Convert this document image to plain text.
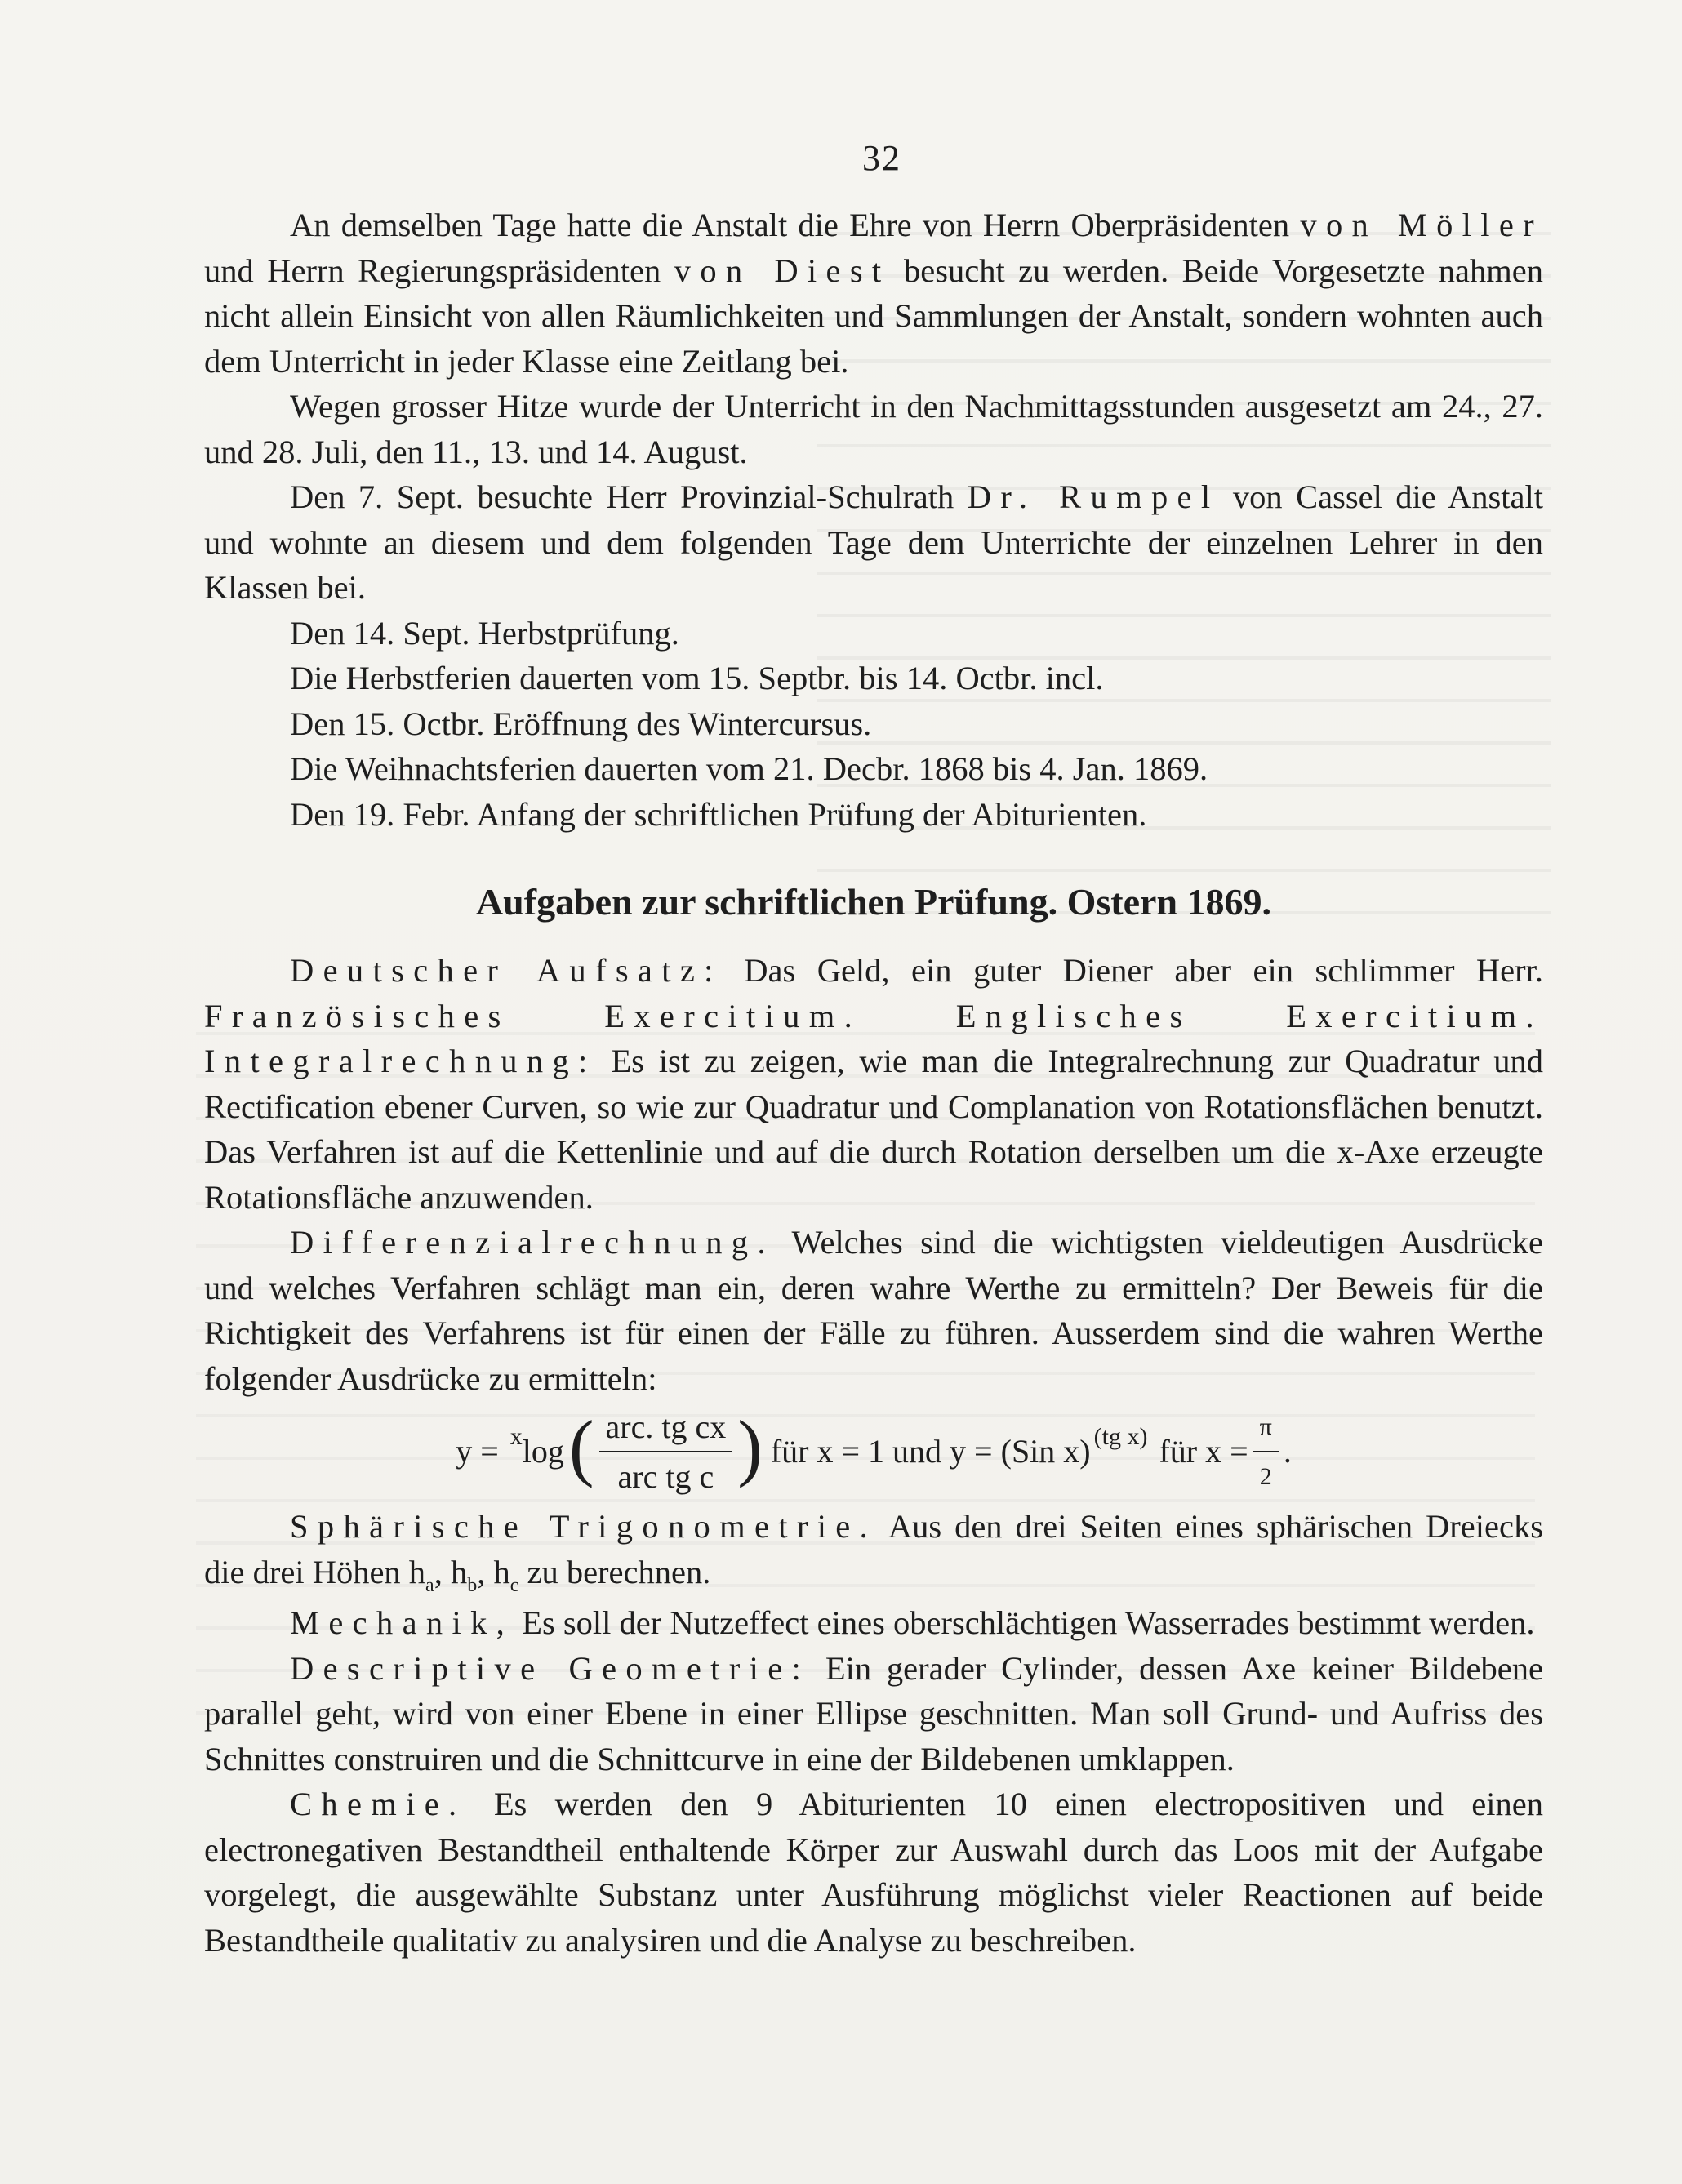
32

An demselben Tage hatte die Anstalt die Ehre von Herrn Oberpräsidenten von Möller und Herrn Regierungspräsidenten von Diest besucht zu werden. Beide Vorgesetzte nahmen nicht allein Einsicht von allen Räumlichkeiten und Sammlungen der Anstalt, sondern wohnten auch dem Unterricht in jeder Klasse eine Zeitlang bei.

Wegen grosser Hitze wurde der Unterricht in den Nachmittagsstunden ausgesetzt am 24., 27. und 28. Juli, den 11., 13. und 14. August.

Den 7. Sept. besuchte Herr Provinzial-Schulrath Dr. Rumpel von Cassel die Anstalt und wohnte an diesem und dem folgenden Tage dem Unterrichte der einzelnen Lehrer in den Klassen bei.

Den 14. Sept. Herbstprüfung.

Die Herbstferien dauerten vom 15. Septbr. bis 14. Octbr. incl.

Den 15. Octbr. Eröffnung des Wintercursus.

Die Weihnachtsferien dauerten vom 21. Decbr. 1868 bis 4. Jan. 1869.

Den 19. Febr. Anfang der schriftlichen Prüfung der Abiturienten.

Aufgaben zur schriftlichen Prüfung. Ostern 1869.

Deutscher Aufsatz: Das Geld, ein guter Diener aber ein schlimmer Herr. Französisches Exercitium. Englisches Exercitium. Integralrechnung: Es ist zu zeigen, wie man die Integralrechnung zur Quadratur und Rectification ebener Curven, so wie zur Quadratur und Complanation von Rotationsflächen benutzt. Das Verfahren ist auf die Kettenlinie und auf die durch Rotation derselben um die x-Axe erzeugte Rotationsfläche anzuwenden.

Differenzialrechnung. Welches sind die wichtigsten vieldeutigen Ausdrücke und welches Verfahren schlägt man ein, deren wahre Werthe zu ermitteln? Der Beweis für die Richtigkeit des Verfahrens ist für einen der Fälle zu führen. Ausserdem sind die wahren Werthe folgender Ausdrücke zu ermitteln:

y = x log ( $\frac{\text{arc. tg cx}}{\text{arc tg c}}$ ) für x = 1 und y = (Sin x) (tg x) für $x = \frac{\pi}{2}$ .

Sphärische Trigonometrie. Aus den drei Seiten eines sphärischen Dreiecks die drei Höhen $h_a$, $h_b$, $h_c$ zu berechnen.

Mechanik, Es soll der Nutzeffect eines oberschlächtigen Wasserrades bestimmt werden.

Descriptive Geometrie: Ein gerader Cylinder, dessen Axe keiner Bildebene parallel geht, wird von einer Ebene in einer Ellipse geschnitten. Man soll Grund- und Aufriss des Schnittes construiren und die Schnittcurve in eine der Bildebenen umklappen.

Chemie. Es werden den 9 Abiturienten 10 einen electropositiven und einen electronegativen Bestandtheil enthaltende Körper zur Auswahl durch das Loos mit der Aufgabe vorgelegt, die ausgewählte Substanz unter Ausführung möglichst vieler Reactionen auf beide Bestandtheile qualitativ zu analysiren und die Analyse zu beschreiben.
